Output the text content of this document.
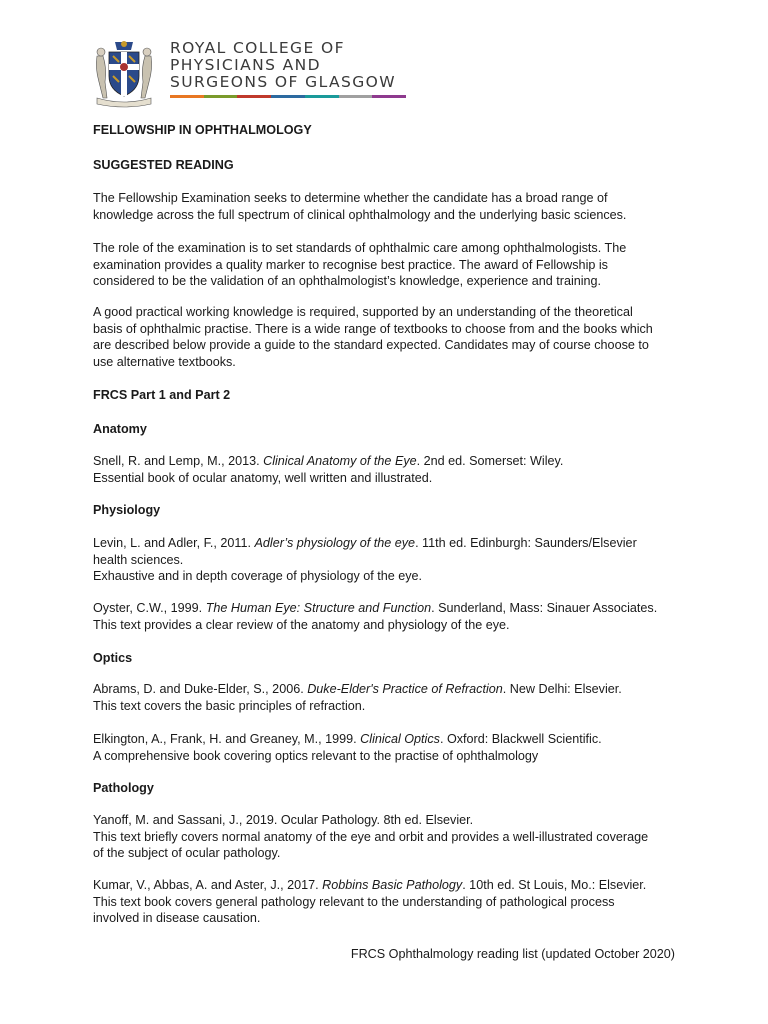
ROYAL COLLEGE OF
PHYSICIANS AND
SURGEONS OF GLASGOW
FELLOWSHIP IN OPHTHALMOLOGY
SUGGESTED READING
The Fellowship Examination seeks to determine whether the candidate has a broad range of
knowledge across the full spectrum of clinical ophthalmology and the underlying basic sciences.
The role of the examination is to set standards of ophthalmic care among ophthalmologists. The
examination provides a quality marker to recognise best practice. The award of Fellowship is
considered to be the validation of an ophthalmologist’s knowledge, experience and training.
A good practical working knowledge is required, supported by an understanding of the theoretical
basis of ophthalmic practise. There is a wide range of textbooks to choose from and the books which
are described below provide a guide to the standard expected. Candidates may of course choose to
use alternative textbooks.
FRCS Part 1 and Part 2
Anatomy
Snell, R. and Lemp, M., 2013. Clinical Anatomy of the Eye. 2nd ed. Somerset: Wiley.
Essential book of ocular anatomy, well written and illustrated.
Physiology
Levin, L. and Adler, F., 2011. Adler’s physiology of the eye. 11th ed. Edinburgh: Saunders/Elsevier
health sciences.
Exhaustive and in depth coverage of physiology of the eye.
Oyster, C.W., 1999. The Human Eye: Structure and Function. Sunderland, Mass: Sinauer Associates.
This text provides a clear review of the anatomy and physiology of the eye.
Optics
Abrams, D. and Duke-Elder, S., 2006. Duke-Elder's Practice of Refraction. New Delhi: Elsevier.
This text covers the basic principles of refraction.
Elkington, A., Frank, H. and Greaney, M., 1999. Clinical Optics. Oxford: Blackwell Scientific.
A comprehensive book covering optics relevant to the practise of ophthalmology
Pathology
Yanoff, M. and Sassani, J., 2019. Ocular Pathology. 8th ed. Elsevier.
This text briefly covers normal anatomy of the eye and orbit and provides a well-illustrated coverage
of the subject of ocular pathology.
Kumar, V., Abbas, A. and Aster, J., 2017. Robbins Basic Pathology. 10th ed. St Louis, Mo.: Elsevier.
This text book covers general pathology relevant to the understanding of pathological process
involved in disease causation.
FRCS Ophthalmology reading list (updated October 2020)
